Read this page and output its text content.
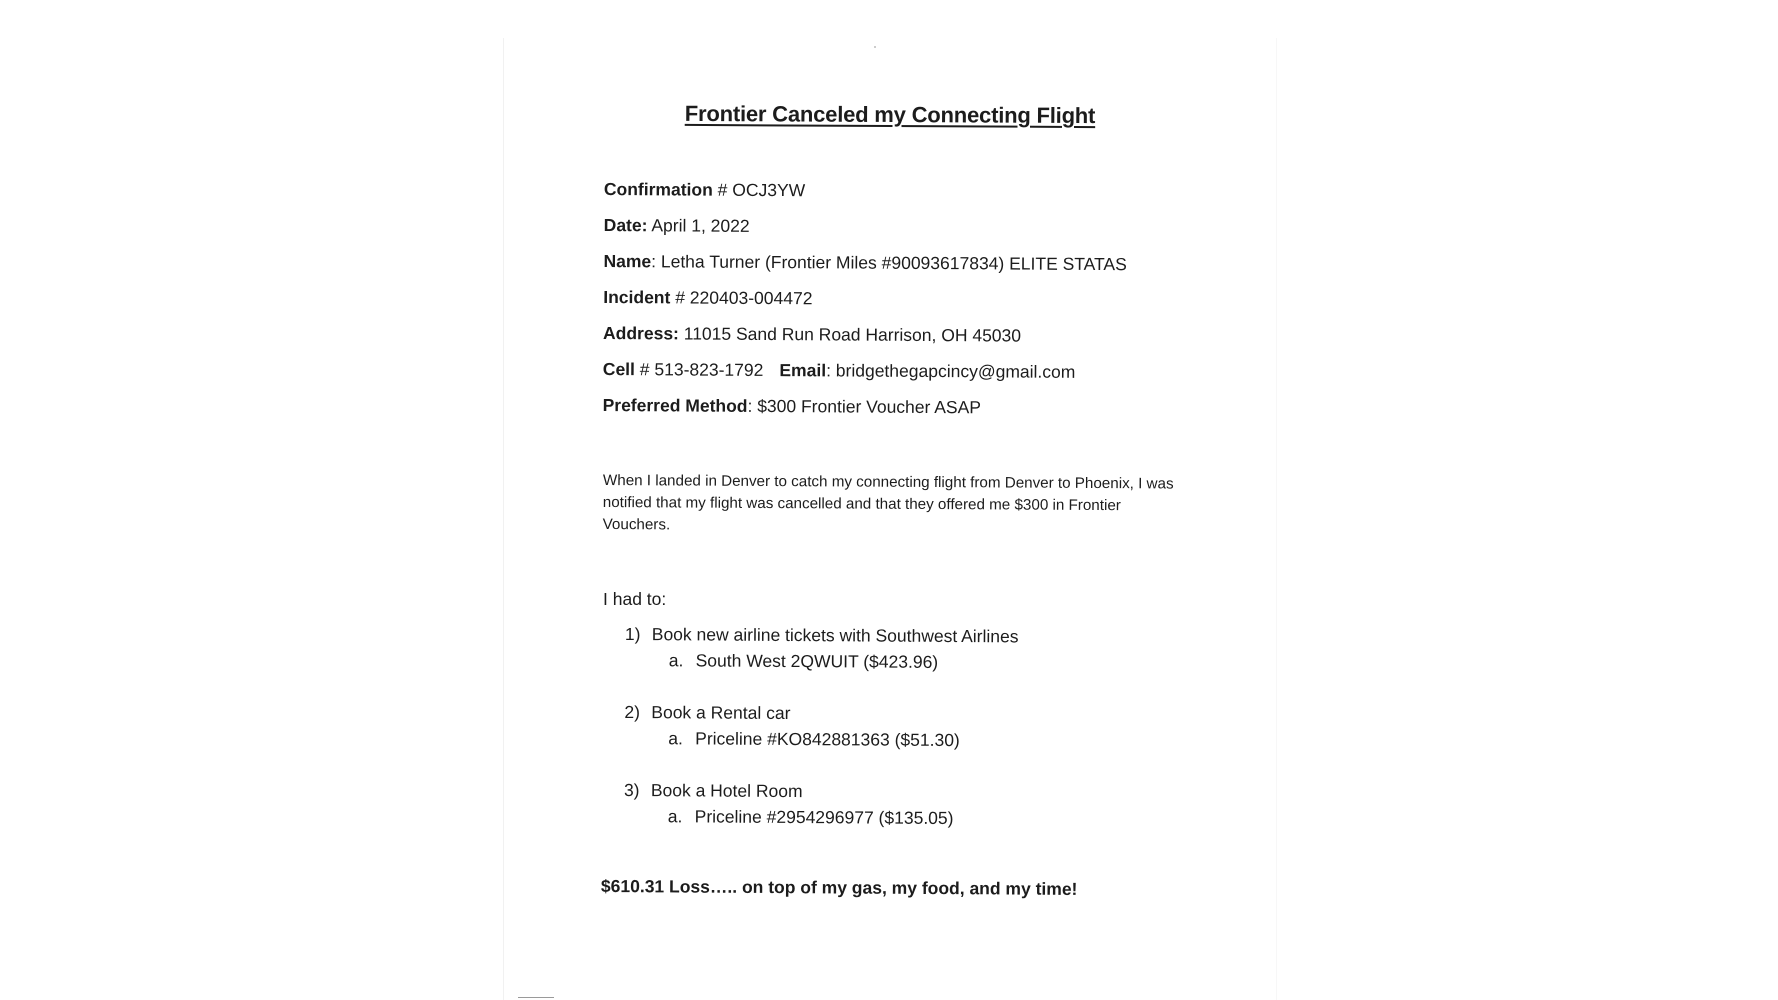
Frontier Canceled my Connecting Flight
Confirmation # OCJ3YW
Date: April 1, 2022
Name: Letha Turner (Frontier Miles #90093617834) ELITE STATAS
Incident # 220403-004472
Address: 11015 Sand Run Road Harrison, OH 45030
Cell # 513-823-1792 Email: bridgethegapcincy@gmail.com
Preferred Method: $300 Frontier Voucher ASAP
When I landed in Denver to catch my connecting flight from Denver to Phoenix, I was notified that my flight was cancelled and that they offered me $300 in Frontier Vouchers.
I had to:
1) Book new airline tickets with Southwest Airlines
a. South West 2QWUIT ($423.96)
2) Book a Rental car
a. Priceline #KO842881363 ($51.30)
3) Book a Hotel Room
a. Priceline #2954296977 ($135.05)
$610.31 Loss….. on top of my gas, my food, and my time!
